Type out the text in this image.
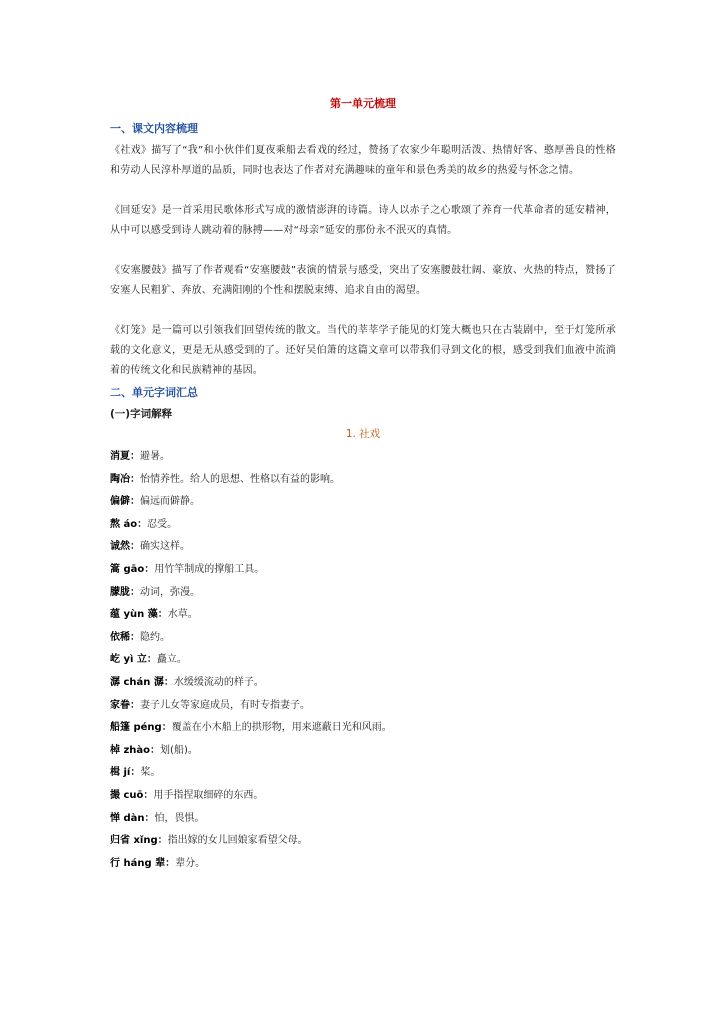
第一单元梳理
一、课文内容梳理

《社戏》描写了“我”和小伙伴们夏夜乘船去看戏的经过，赞扬了农家少年聪明活泼、热情好客、憨厚善良的性格和劳动人民淳朴厚道的品质，同时也表达了作者对充满趣味的童年和景色秀美的故乡的热爱与怀念之情。

《回延安》是一首采用民歌体形式写成的激情澎湃的诗篇。诗人以赤子之心歌颂了养育一代革命者的延安精神，从中可以感受到诗人跳动着的脉搏——对“母亲”延安的那份永不泯灭的真情。

《安塞腰鼓》描写了作者观看“安塞腰鼓”表演的情景与感受，突出了安塞腰鼓壮阔、豪放、火热的特点，赞扬了安塞人民粗犷、奔放、充满阳刚的个性和摆脱束缚、追求自由的渴望。

《灯笼》是一篇可以引领我们回望传统的散文。当代的莘莘学子能见的灯笼大概也只在古装剧中，至于灯笼所承载的文化意义，更是无从感受到的了。还好吴伯箫的这篇文章可以带我们寻到文化的根，感受到我们血液中流淌着的传统文化和民族精神的基因。

二、单元字词汇总
(一)字词解释
1. 社戏
消夏：避暑。
陶冶：怡情养性。给人的思想、性格以有益的影响。
偏僻：偏远而僻静。
熬 áo：忍受。
诚然：确实这样。
篙 gāo：用竹竿制成的撑船工具。
朦胧：动词，弥漫。
蕴 yùn 藻：水草。
依稀：隐约。
屹 yì 立：矗立。
潺 chán 潺：水缓缓流动的样子。
家眷：妻子儿女等家庭成员，有时专指妻子。
船篷 péng：覆盖在小木船上的拱形物，用来遮蔽日光和风雨。
棹 zhào：划(船)。
楫 jí：桨。
撮 cuō：用手指捏取细碎的东西。
惮 dàn：怕，畏惧。
归省 xǐng：指出嫁的女儿回娘家看望父母。
行 háng 辈：辈分。
